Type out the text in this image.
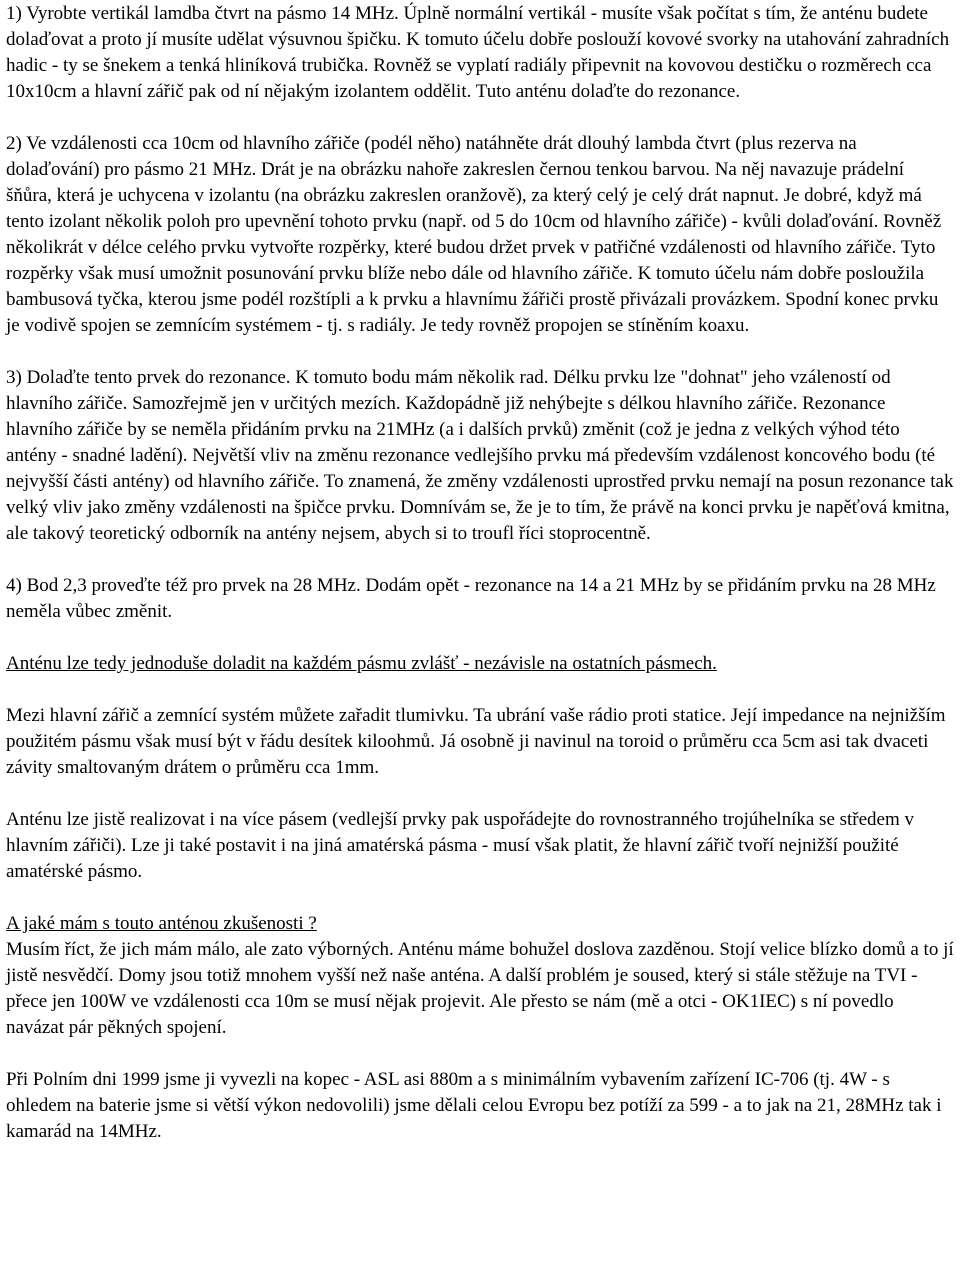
1) Vyrobte vertikál lamdba čtvrt na pásmo 14 MHz. Úplně normální vertikál - musíte však počítat s tím, že anténu budete dolaďovat a proto jí musíte udělat výsuvnou špičku. K tomuto účelu dobře poslouží kovové svorky na utahování zahradních hadic - ty se šnekem a tenká hliníková trubička. Rovněž se vyplatí radiály připevnit na kovovou destičku o rozměrech cca 10x10cm a hlavní zářič pak od ní nějakým izolantem oddělit. Tuto anténu dolaďte do rezonance.

2) Ve vzdálenosti cca 10cm od hlavního zářiče (podél něho) natáhněte drát dlouhý lambda čtvrt (plus rezerva na dolaďování) pro pásmo 21 MHz. Drát je na obrázku nahoře zakreslen černou tenkou barvou. Na něj navazuje prádelní šňůra, která je uchycena v izolantu (na obrázku zakreslen oranžově), za který celý je celý drát napnut. Je dobré, když má tento izolant několik poloh pro upevnění tohoto prvku (např. od 5 do 10cm od hlavního zářiče) - kvůli dolaďování. Rovněž několikrát v délce celého prvku vytvořte rozpěrky, které budou držet prvek v patřičné vzdálenosti od hlavního zářiče. Tyto rozpěrky však musí umožnit posunování prvku blíže nebo dále od hlavního zářiče. K tomuto účelu nám dobře posloužila bambusová tyčka, kterou jsme podél rozštípli a k prvku a hlavnímu žářiči prostě přivázali provázkem. Spodní konec prvku je vodivě spojen se zemnícím systémem - tj. s radiály. Je tedy rovněž propojen se stíněním koaxu.

3) Dolaďte tento prvek do rezonance. K tomuto bodu mám několik rad. Délku prvku lze "dohnat" jeho vzáleností od hlavního zářiče. Samozřejmě jen v určitých mezích. Každopádně již nehýbejte s délkou hlavního zářiče. Rezonance hlavního zářiče by se neměla přidáním prvku na 21MHz (a i dalších prvků) změnit (což je jedna z velkých výhod této antény - snadné ladění). Největší vliv na změnu rezonance vedlejšího prvku má především vzdálenost koncového bodu (té nejvyšší části antény) od hlavního zářiče. To znamená, že změny vzdálenosti uprostřed prvku nemají na posun rezonance tak velký vliv jako změny vzdálenosti na špičce prvku. Domnívám se, že je to tím, že právě na konci prvku je napěťová kmitna, ale takový teoretický odborník na antény nejsem, abych si to troufl říci stoprocentně.

4) Bod 2,3 proveďte též pro prvek na 28 MHz. Dodám opět - rezonance na 14 a 21 MHz by se přidáním prvku na 28 MHz neměla vůbec změnit.

Anténu lze tedy jednoduše doladit na každém pásmu zvlášť - nezávisle na ostatních pásmech.

Mezi hlavní zářič a zemnící systém můžete zařadit tlumivku. Ta ubrání vaše rádio proti statice. Její impedance na nejnižším použitém pásmu však musí být v řádu desítek kiloohmů. Já osobně ji navinul na toroid o průměru cca 5cm asi tak dvaceti závity smaltovaným drátem o průměru cca 1mm.

Anténu lze jistě realizovat i na více pásem (vedlejší prvky pak uspořádejte do rovnostranného trojúhelníka se středem v hlavním zářiči). Lze ji také postavit i na jiná amatérská pásma - musí však platit, že hlavní zářič tvoří nejnižší použité amatérské pásmo.

A jaké mám s touto anténou zkušenosti ?

Musím říct, že jich mám málo, ale zato výborných. Anténu máme bohužel doslova zazděnou. Stojí velice blízko domů a to jí jistě nesvědčí. Domy jsou totiž mnohem vyšší než naše anténa. A další problém je soused, který si stále stěžuje na TVI - přece jen 100W ve vzdálenosti cca 10m se musí nějak projevit. Ale přesto se nám (mě a otci - OK1IEC) s ní povedlo navázat pár pěkných spojení.

Při Polním dni 1999 jsme ji vyvezli na kopec - ASL asi 880m a s minimálním vybavením zařízení IC-706 (tj. 4W - s ohledem na baterie jsme si větší výkon nedovolili) jsme dělali celou Evropu bez potíží za 599 - a to jak na 21, 28MHz tak i kamarád na 14MHz.
